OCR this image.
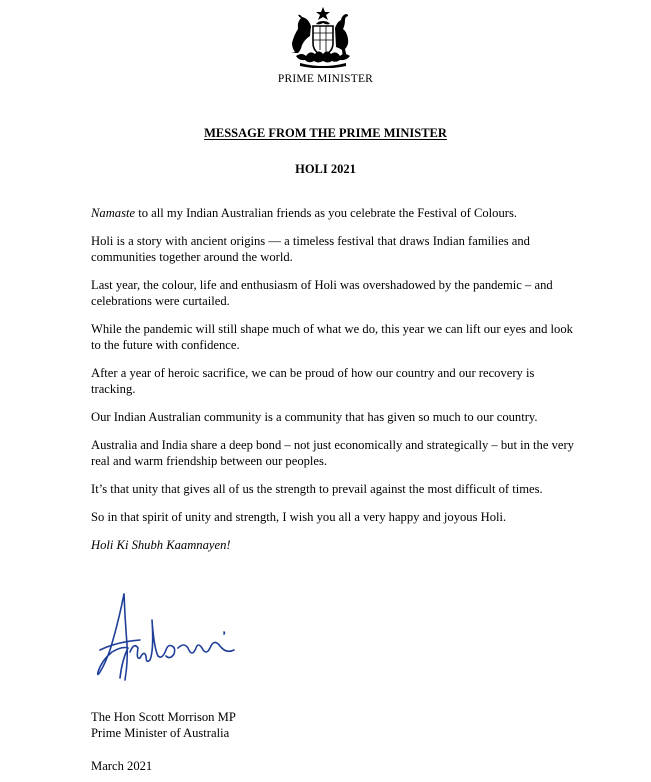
PRIME MINISTER
MESSAGE FROM THE PRIME MINISTER
HOLI 2021

Namaste to all my Indian Australian friends as you celebrate the Festival of Colours.

Holi is a story with ancient origins — a timeless festival that draws Indian families and communities together around the world.

Last year, the colour, life and enthusiasm of Holi was overshadowed by the pandemic – and celebrations were curtailed.

While the pandemic will still shape much of what we do, this year we can lift our eyes and look to the future with confidence.

After a year of heroic sacrifice, we can be proud of how our country and our recovery is tracking.

Our Indian Australian community is a community that has given so much to our country.

Australia and India share a deep bond – not just economically and strategically – but in the very real and warm friendship between our peoples.

It’s that unity that gives all of us the strength to prevail against the most difficult of times.

So in that spirit of unity and strength, I wish you all a very happy and joyous Holi.

Holi Ki Shubh Kaamnayen!

The Hon Scott Morrison MP
Prime Minister of Australia
March 2021
